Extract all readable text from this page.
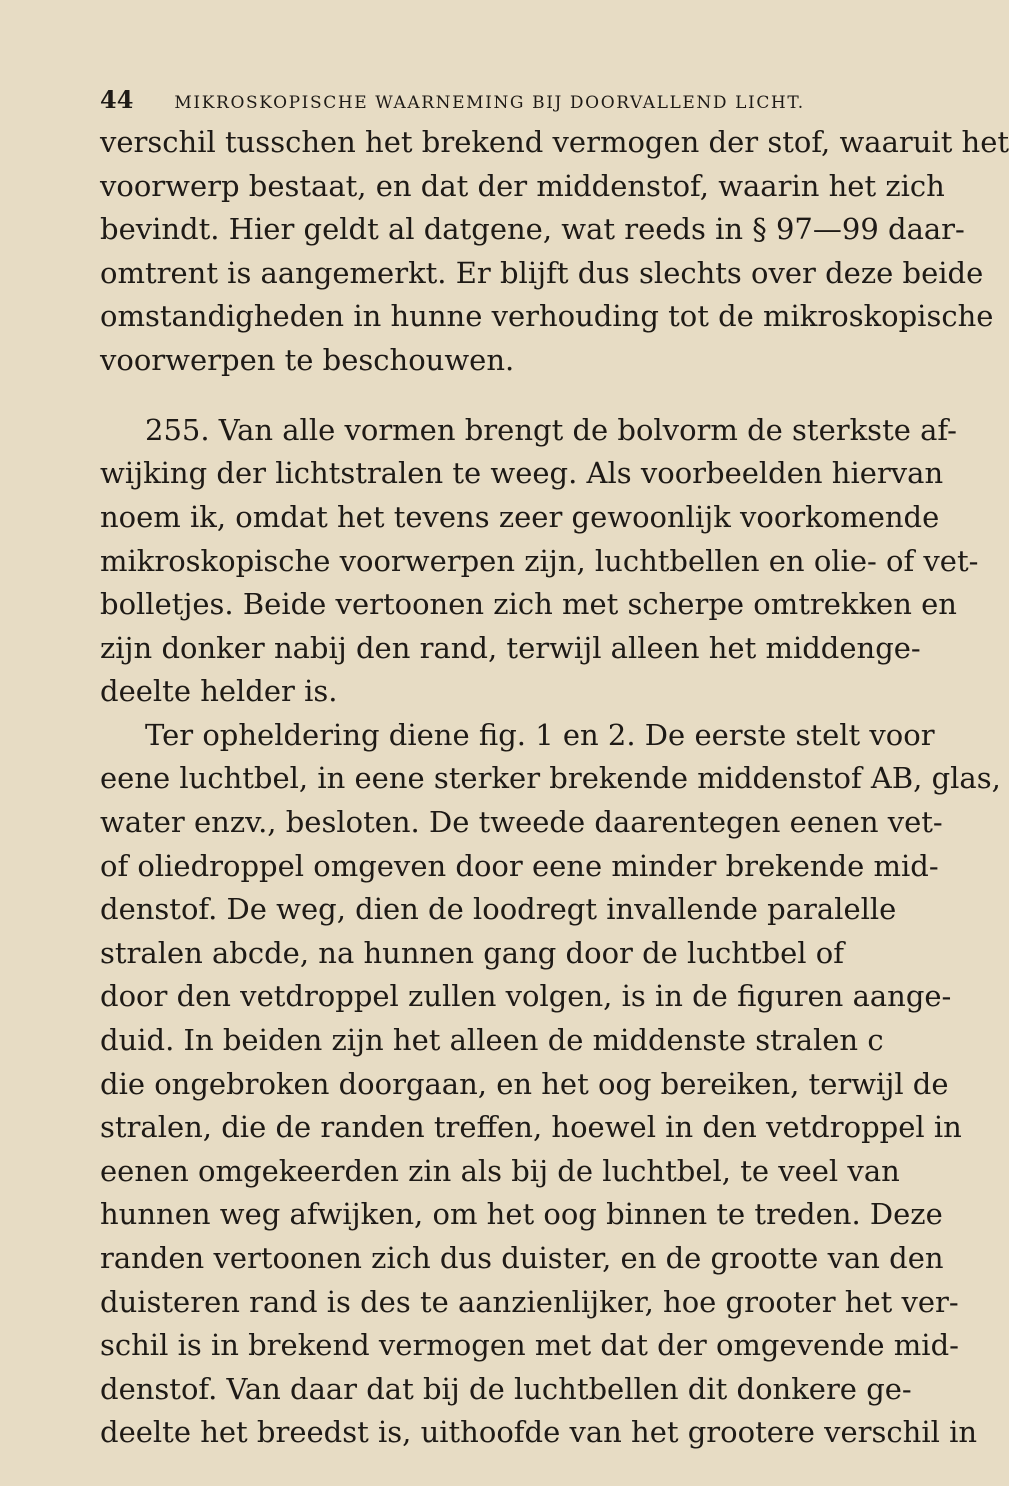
44 MIKROSKOPISCHE WAARNEMING BIJ DOORVALLEND LICHT.
verschil tusschen het brekend vermogen der stof, waaruit het
voorwerp bestaat, en dat der middenstof, waarin het zich
bevindt. Hier geldt al datgene, wat reeds in § 97—99 daar-
omtrent is aangemerkt. Er blijft dus slechts over deze beide
omstandigheden in hunne verhouding tot de mikroskopische
voorwerpen te beschouwen.
255. Van alle vormen brengt de bolvorm de sterkste af-
wijking der lichtstralen te weeg. Als voorbeelden hiervan
noem ik, omdat het tevens zeer gewoonlijk voorkomende
mikroskopische voorwerpen zijn, luchtbellen en olie- of vet-
bolletjes. Beide vertoonen zich met scherpe omtrekken en
zijn donker nabij den rand, terwijl alleen het middenge-
deelte helder is.
Ter opheldering diene fig. 1 en 2. De eerste stelt voor
eene luchtbel, in eene sterker brekende middenstof AB, glas,
water enzv., besloten. De tweede daarentegen eenen vet-
of oliedroppel omgeven door eene minder brekende mid-
denstof. De weg, dien de loodregt invallende paralelle
stralen abcde, na hunnen gang door de luchtbel of
door den vetdroppel zullen volgen, is in de figuren aange-
duid. In beiden zijn het alleen de middenste stralen c
die ongebroken doorgaan, en het oog bereiken, terwijl de
stralen, die de randen treffen, hoewel in den vetdroppel in
eenen omgekeerden zin als bij de luchtbel, te veel van
hunnen weg afwijken, om het oog binnen te treden. Deze
randen vertoonen zich dus duister, en de grootte van den
duisteren rand is des te aanzienlijker, hoe grooter het ver-
schil is in brekend vermogen met dat der omgevende mid-
denstof. Van daar dat bij de luchtbellen dit donkere ge-
deelte het breedst is, uithoofde van het grootere verschil in
